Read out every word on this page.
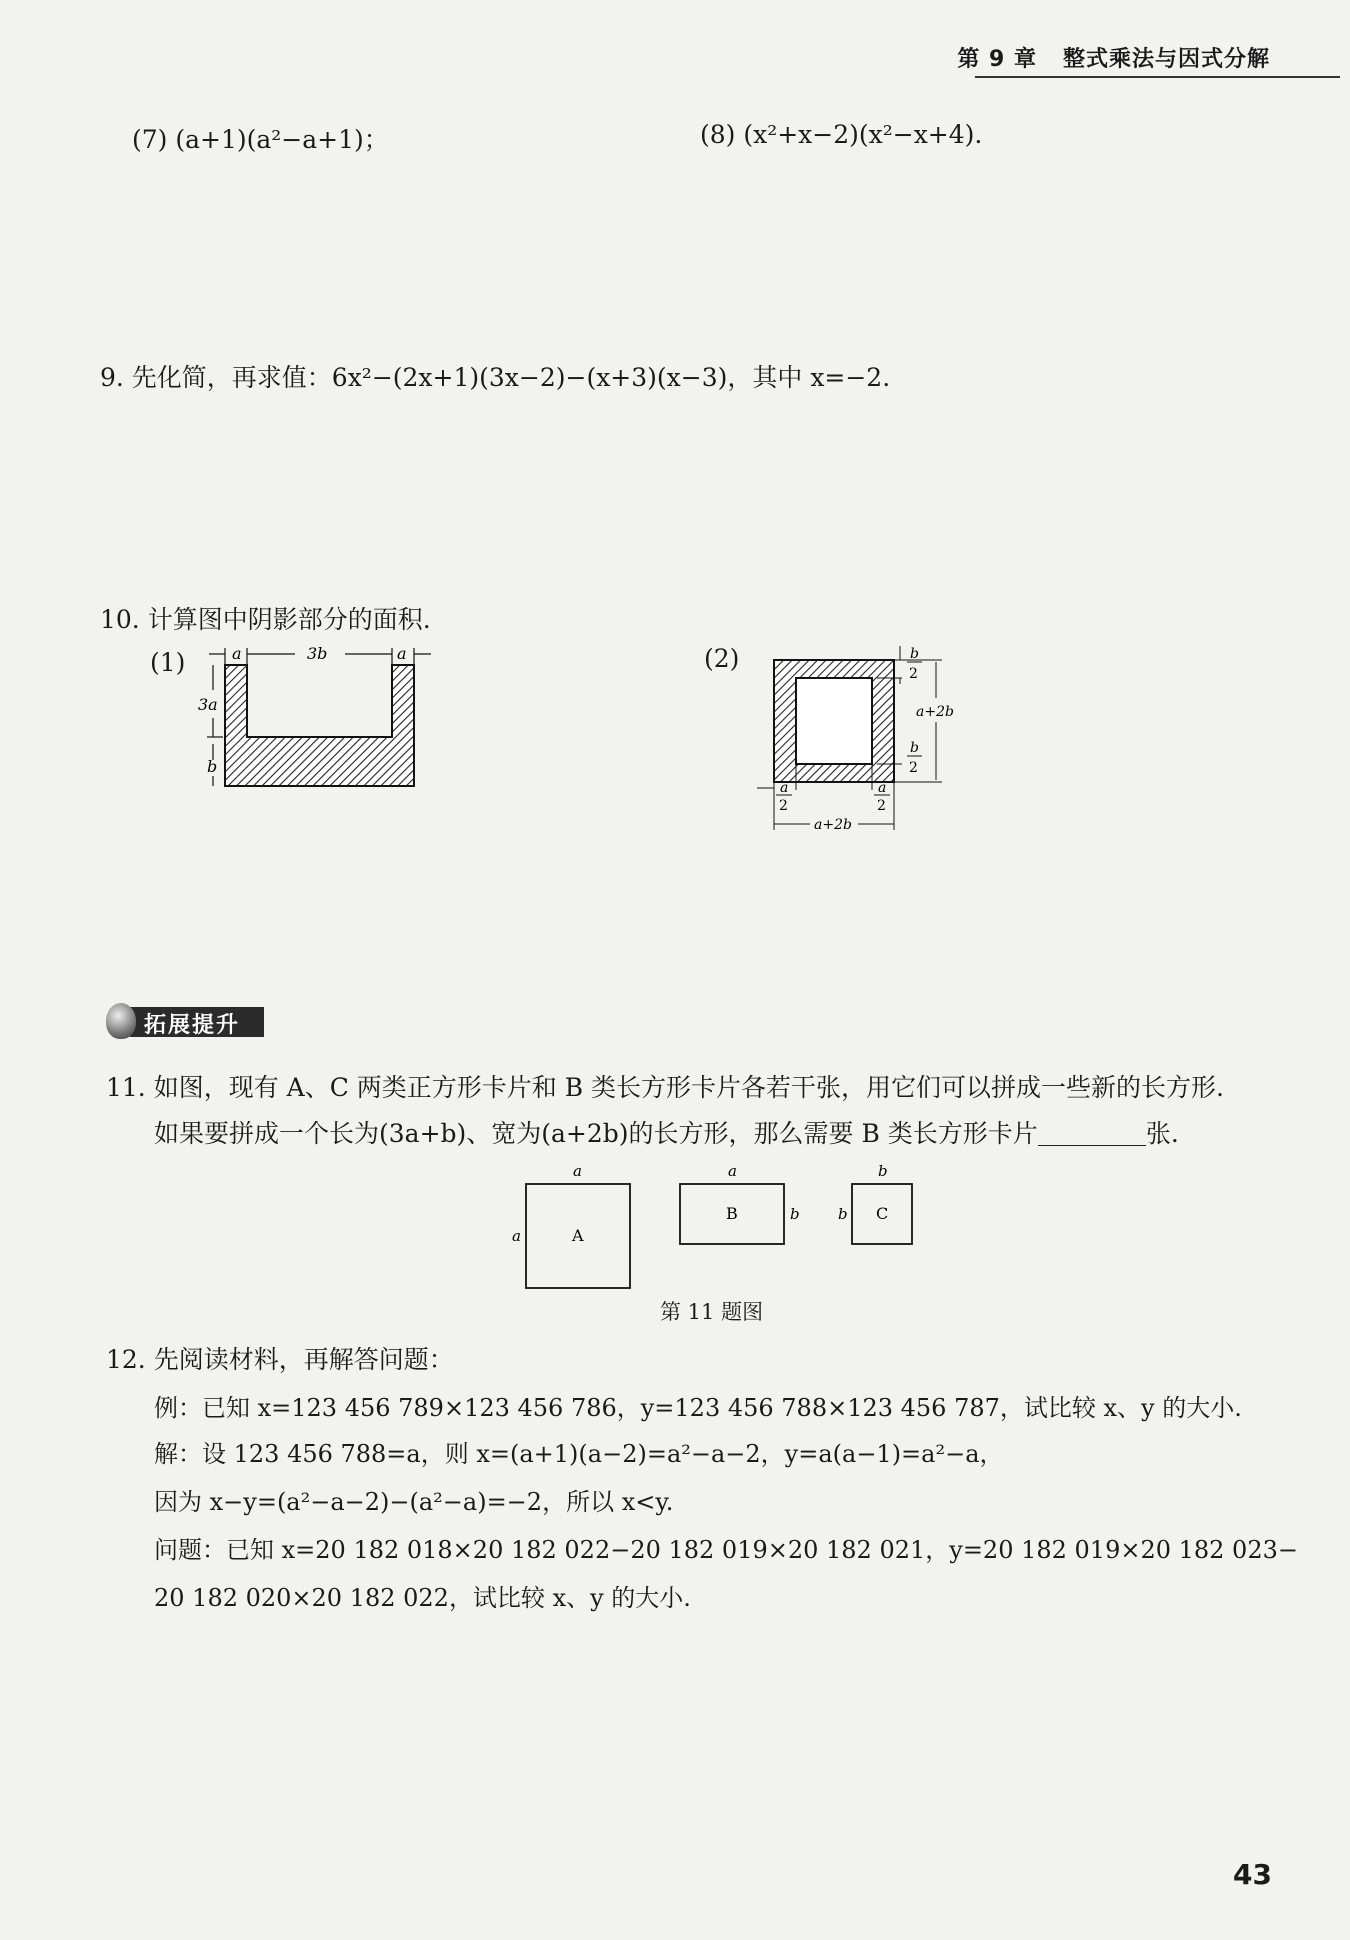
第 9 章 整式乘法与因式分解
(7) (a+1)(a²−a+1)；	(8) (x²+x−2)(x²−x+4).
9. 先化简，再求值：6x²−(2x+1)(3x−2)−(x+3)(x−3)，其中 x=−2.
10. 计算图中阴影部分的面积.
(1)	(2)
a	3b	a
3a
b
b
2
a+2b
b
2
a
2
a
2
a+2b
拓展提升
11. 如图，现有 A、C 两类正方形卡片和 B 类长方形卡片各若干张，用它们可以拼成一些新的长方形.
如果要拼成一个长为(3a+b)、宽为(a+2b)的长方形，那么需要 B 类长方形卡片	张.
A
a
a
B
a
b	C
b
b
第 11 题图
12. 先阅读材料，再解答问题：
例：已知 x=123 456 789×123 456 786，y=123 456 788×123 456 787，试比较 x、y 的大小.
解：设 123 456 788=a，则 x=(a+1)(a−2)=a²−a−2，y=a(a−1)=a²−a，
因为 x−y=(a²−a−2)−(a²−a)=−2，所以 x<y.
问题：已知 x=20 182 018×20 182 022−20 182 019×20 182 021，y=20 182 019×20 182 023−
20 182 020×20 182 022，试比较 x、y 的大小.
43
